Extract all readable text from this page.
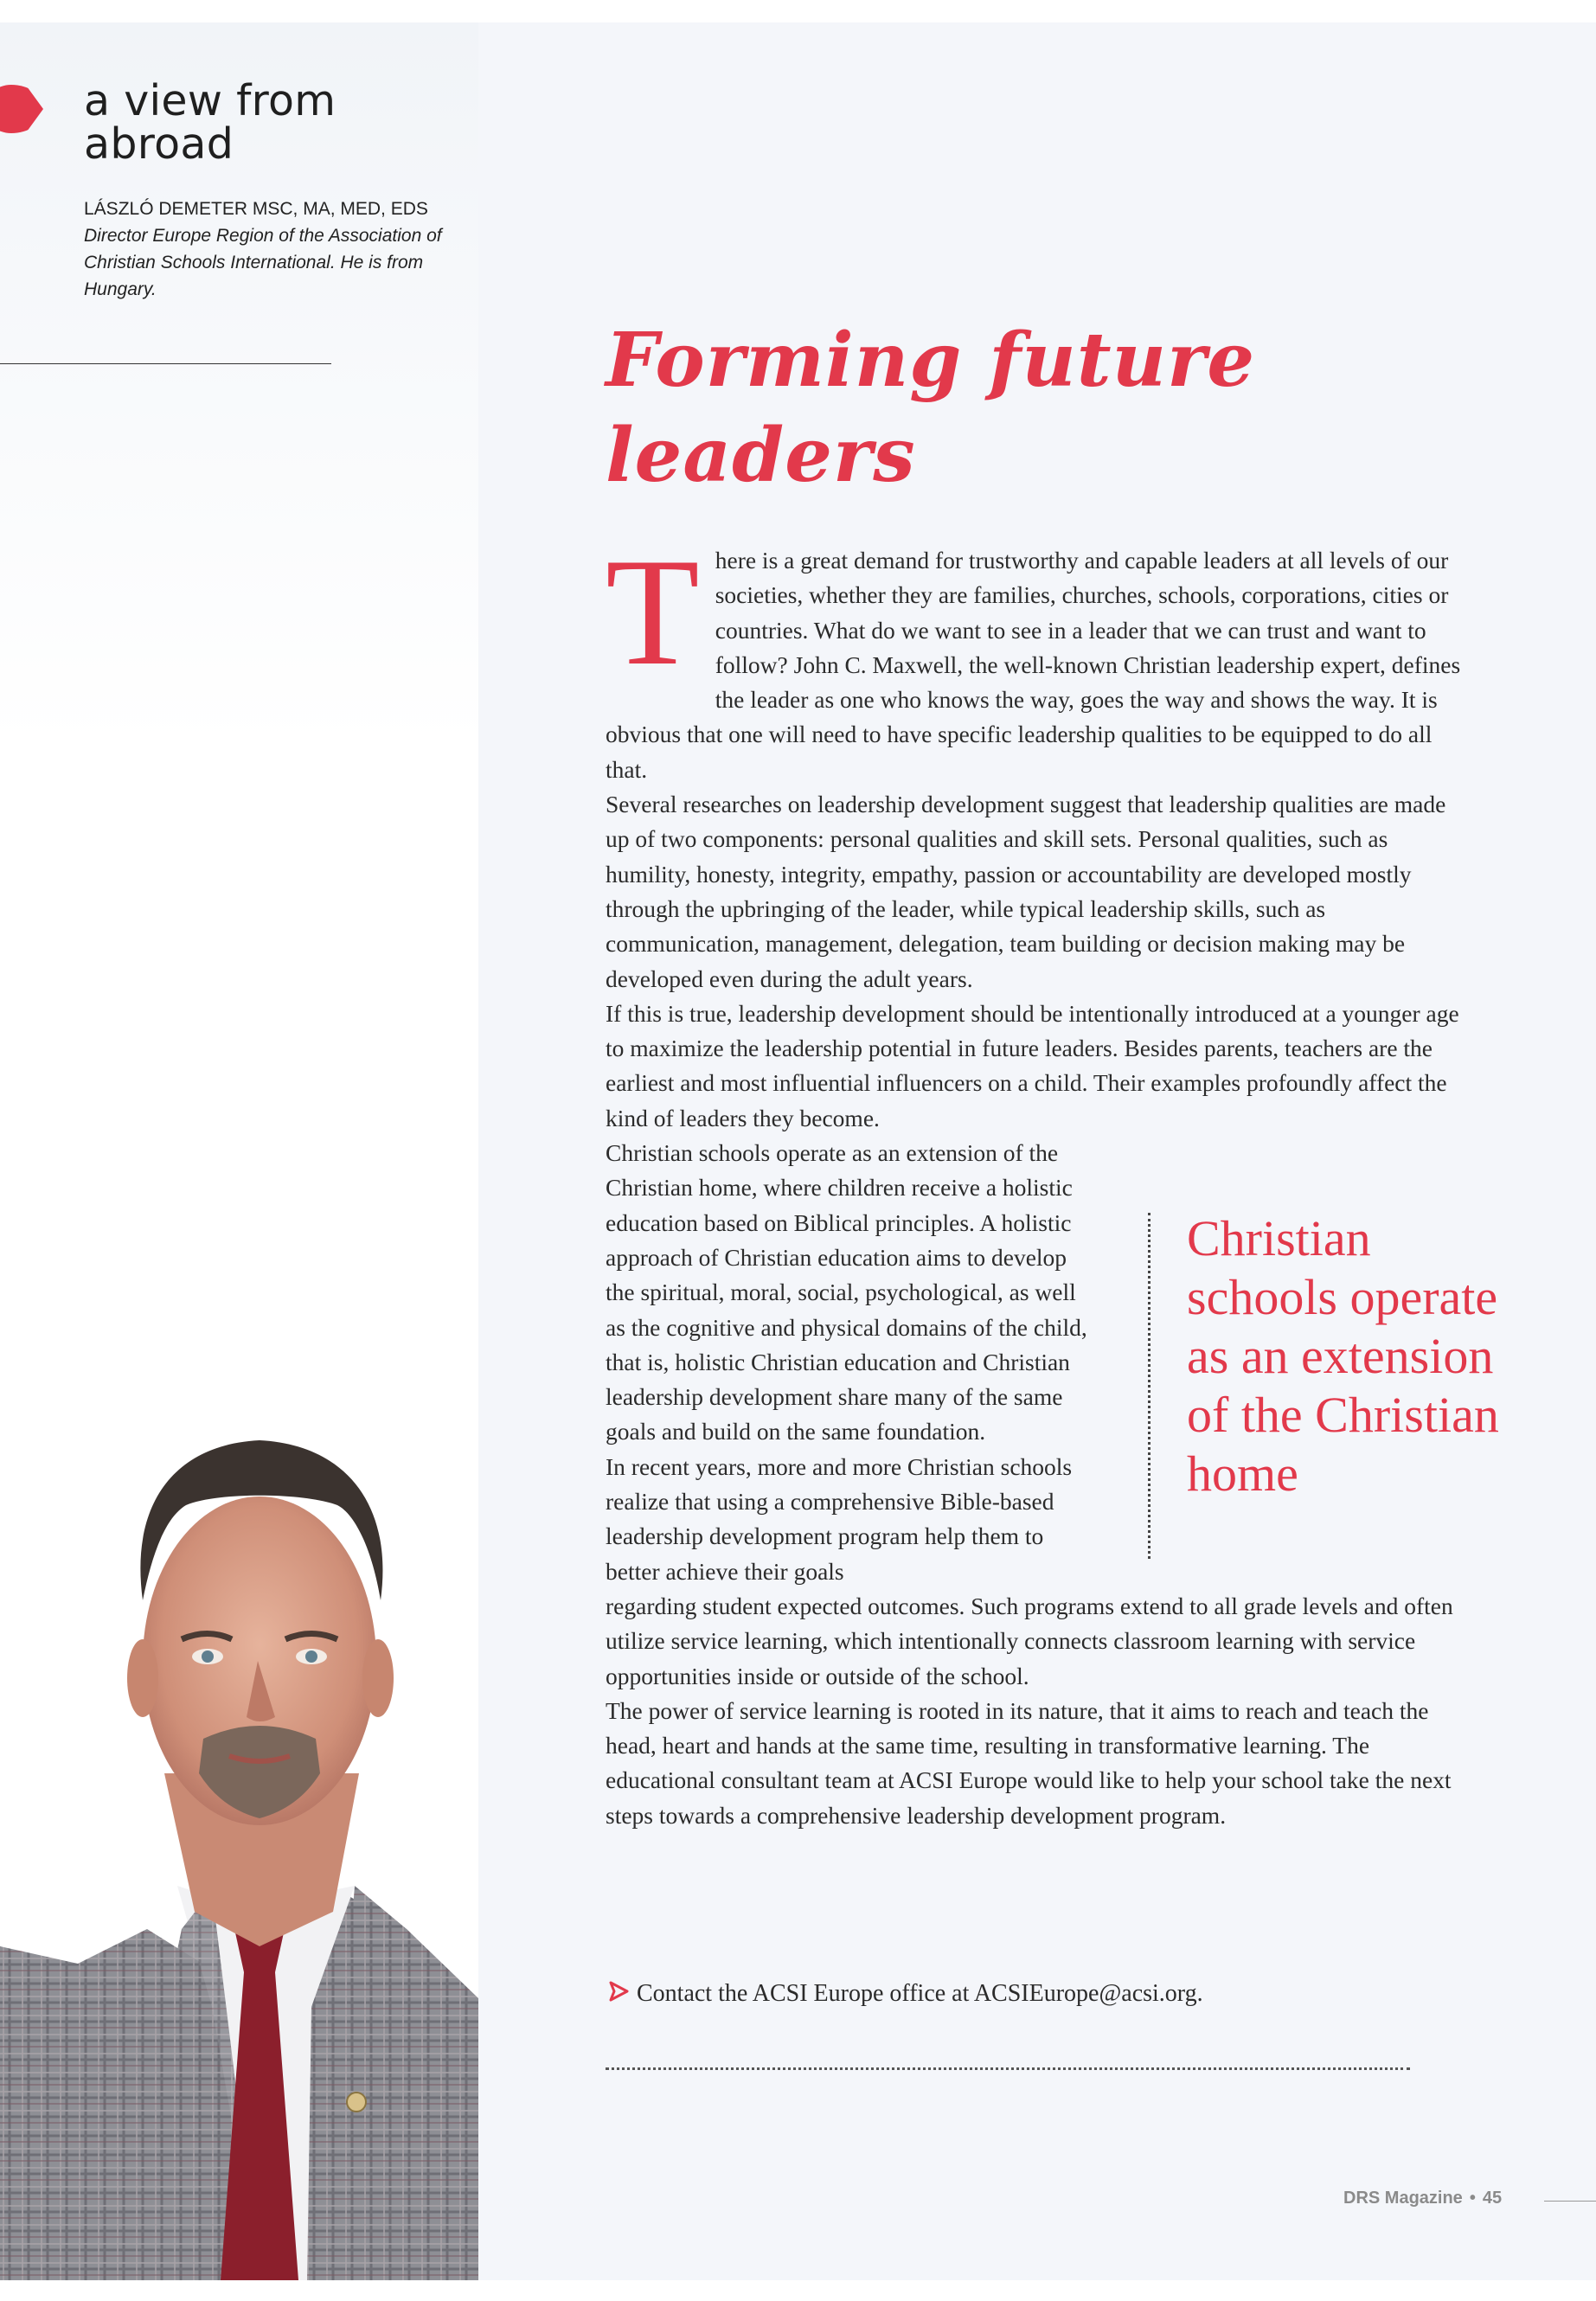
a view from abroad
LÁSZLÓ DEMETER MSC, MA, MED, EDS
Director Europe Region of the Association of Christian Schools International. He is from Hungary.
Forming future leaders

There is a great demand for trustworthy and capable leaders at all levels of our societies, whether they are families, churches, schools, corporations, cities or countries. What do we want to see in a leader that we can trust and want to follow? John C. Maxwell, the well-known Christian leadership expert, defines the leader as one who knows the way, goes the way and shows the way. It is obvious that one will need to have specific leadership qualities to be equipped to do all that.

Several researches on leadership development suggest that leadership qualities are made up of two components: personal qualities and skill sets. Personal qualities, such as humility, honesty, integrity, empathy, passion or accountability are developed mostly through the upbringing of the leader, while typical leadership skills, such as communication, management, delegation, team building or decision making may be developed even during the adult years.

If this is true, leadership development should be intentionally introduced at a younger age to maximize the leadership potential in future leaders. Besides parents, teachers are the earliest and most influential influencers on a child. Their examples profoundly affect the kind of leaders they become.

Christian schools operate as an extension of the Christian home, where children receive a holistic education based on Biblical principles. A holistic approach of Christian education aims to develop the spiritual, moral, social, psychological, as well as the cognitive and physical domains of the child, that is, holistic Christian education and Christian leadership development share many of the same goals and build on the same foundation.

In recent years, more and more Christian schools realize that using a comprehensive Bible-based leadership development program help them to better achieve their goals

regarding student expected outcomes. Such programs extend to all grade levels and often utilize service learning, which intentionally connects classroom learning with service opportunities inside or outside of the school.

The power of service learning is rooted in its nature, that it aims to reach and teach the head, heart and hands at the same time, resulting in transformative learning. The educational consultant team at ACSI Europe would like to help your school take the next steps towards a comprehensive leadership development program.

Christian schools operate as an extension of the Christian home
Contact the ACSI Europe office at ACSIEurope@acsi.org.
DRS Magazine • 45
